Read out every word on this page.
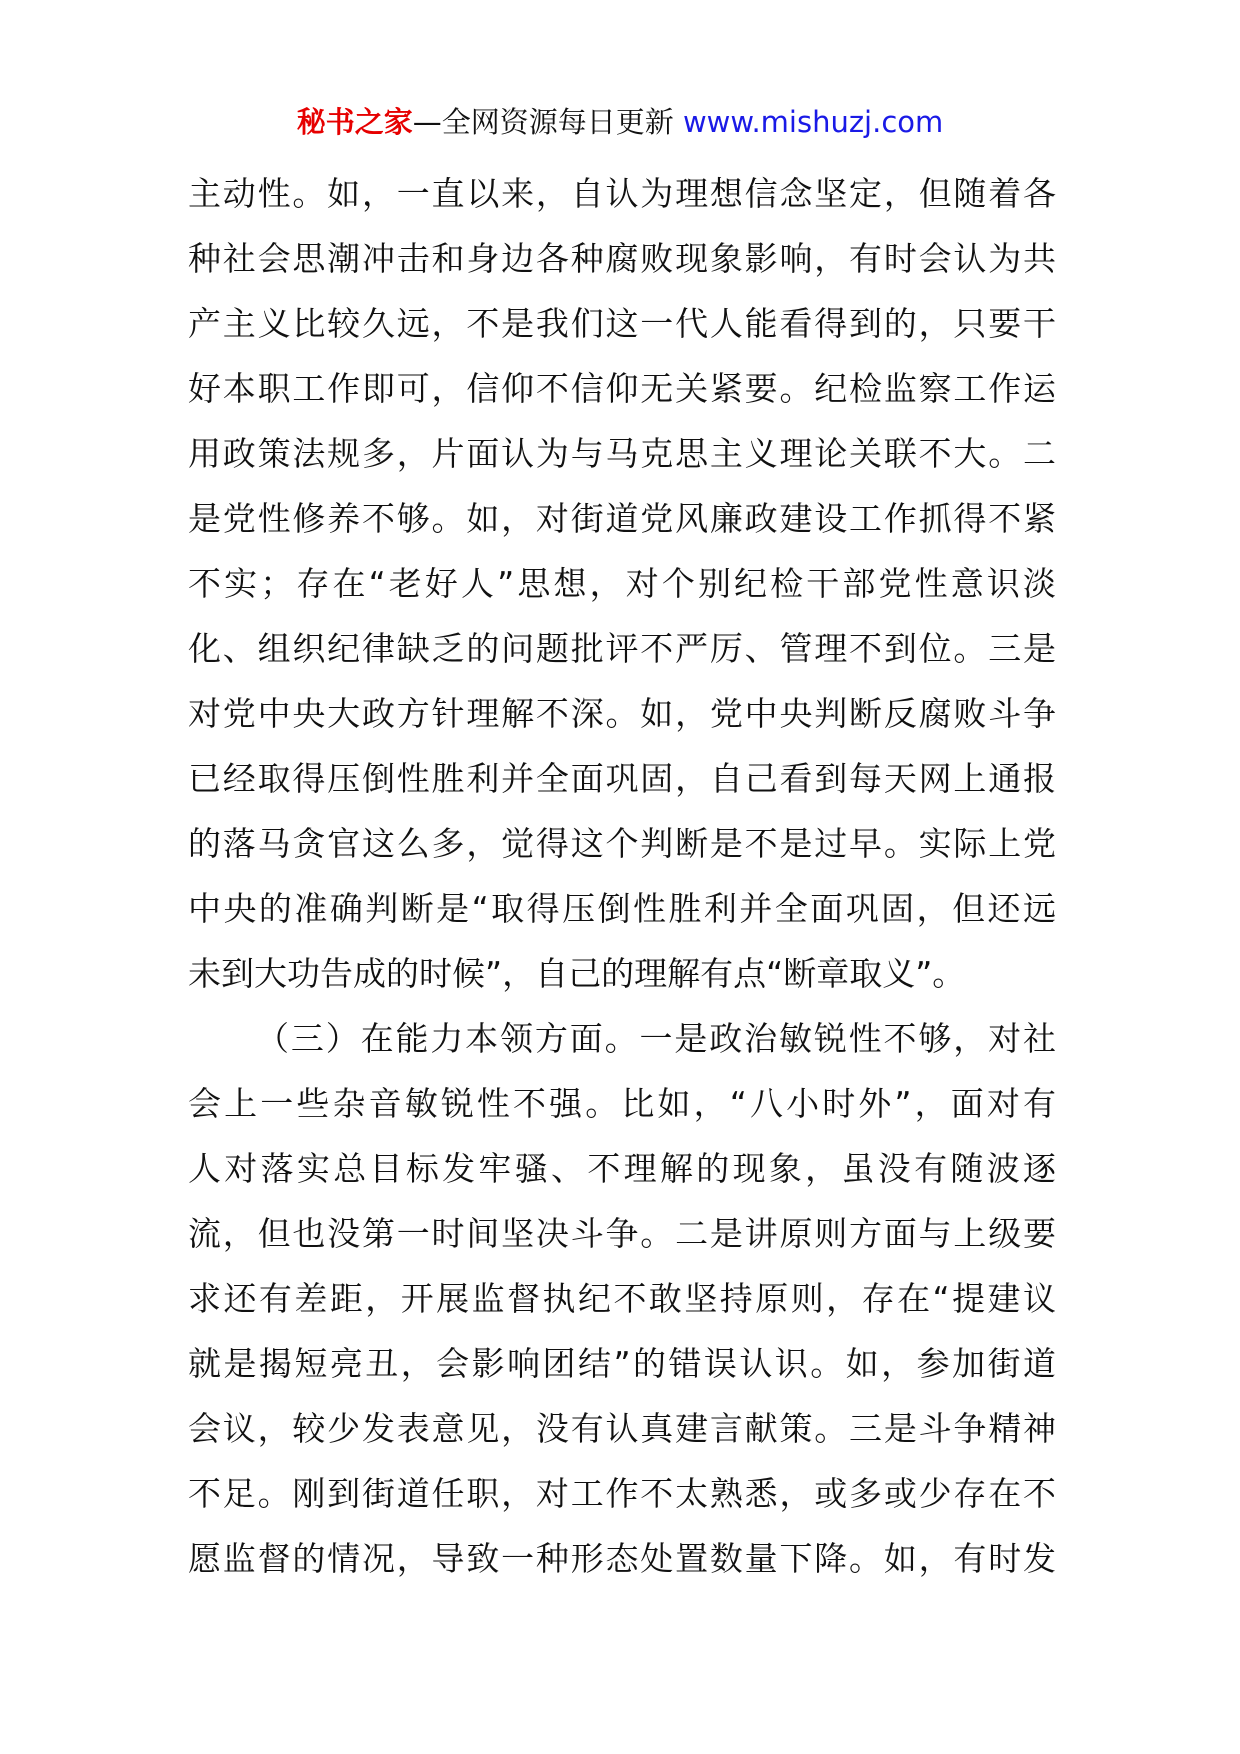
秘书之家—全网资源每日更新 www.mishuzj.com
主动性。如，一直以来，自认为理想信念坚定，但随着各
种社会思潮冲击和身边各种腐败现象影响，有时会认为共
产主义比较久远，不是我们这一代人能看得到的，只要干
好本职工作即可，信仰不信仰无关紧要。纪检监察工作运
用政策法规多，片面认为与马克思主义理论关联不大。二
是党性修养不够。如，对街道党风廉政建设工作抓得不紧
不实；存在“老好人”思想，对个别纪检干部党性意识淡
化、组织纪律缺乏的问题批评不严厉、管理不到位。三是
对党中央大政方针理解不深。如，党中央判断反腐败斗争
已经取得压倒性胜利并全面巩固，自己看到每天网上通报
的落马贪官这么多，觉得这个判断是不是过早。实际上党
中央的准确判断是“取得压倒性胜利并全面巩固，但还远
未到大功告成的时候”，自己的理解有点“断章取义”。
（三）在能力本领方面。一是政治敏锐性不够，对社
会上一些杂音敏锐性不强。比如，“八小时外”，面对有
人对落实总目标发牢骚、不理解的现象，虽没有随波逐
流，但也没第一时间坚决斗争。二是讲原则方面与上级要
求还有差距，开展监督执纪不敢坚持原则，存在“提建议
就是揭短亮丑，会影响团结”的错误认识。如，参加街道
会议，较少发表意见，没有认真建言献策。三是斗争精神
不足。刚到街道任职，对工作不太熟悉，或多或少存在不
愿监督的情况，导致一种形态处置数量下降。如，有时发
